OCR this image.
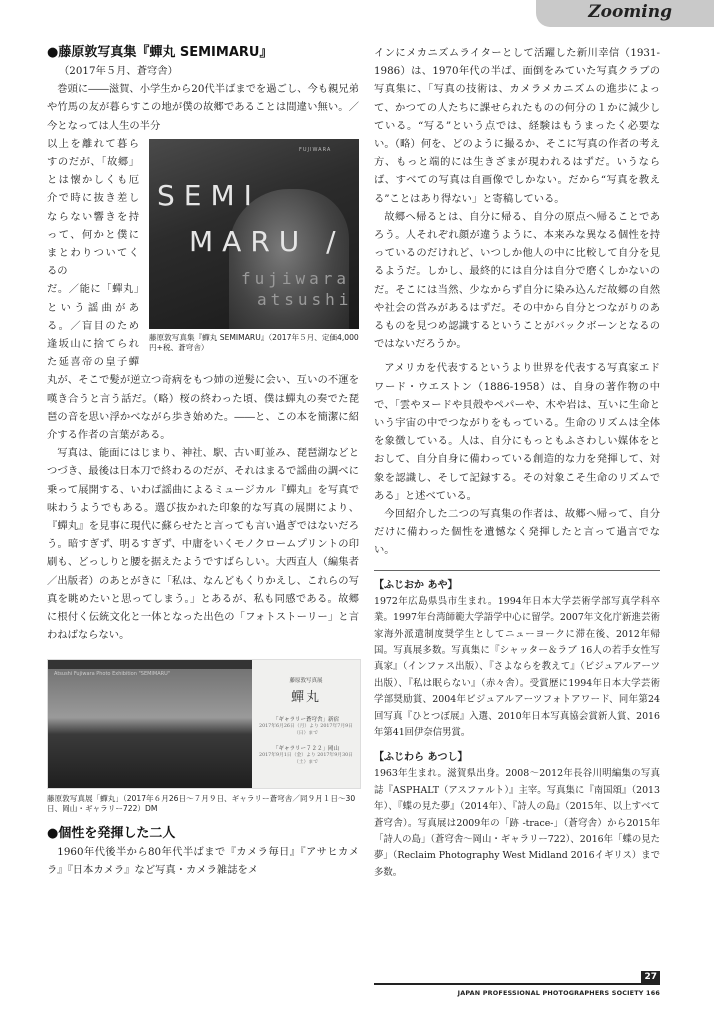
Zooming
●藤原敦写真集『蟬丸 SEMIMARU』

（2017年５月、蒼穹舎）

巻頭に――滋賀、小学生から20代半ばまでを過ごし、今も親兄弟や竹馬の友が暮らすこの地が僕の故郷であることは間違い無い。／今となっては人生の半分

FUJIWARA
SEMI
MARU /
fujiwara
atsushi
藤原敦写真集『蟬丸 SEMIMARU』（2017年５月、定価4,000円+税、蒼穹舎）

以上を離れて暮らすのだが、「故郷」とは懐かしくも厄介で時に抜き差しならない響きを持って、何かと僕にまとわりついてくるの

だ。／能に「蟬丸」という謡曲がある。／盲目のため逢坂山に捨てられた延喜帝の皇子蟬丸が、そこで髪が逆立つ奇病をもつ姉の逆髪に会い、互いの不運を嘆き合うと言う話だ。（略）桜の終わった頃、僕は蟬丸の奏でた琵琶の音を思い浮かべながら歩き始めた。――と、この本を簡潔に紹介する作者の言葉がある。

写真は、能面にはじまり、神社、駅、古い町並み、琵琶湖などとつづき、最後は日本刀で終わるのだが、それはまるで謡曲の調べに乗って展開する、いわば謡曲によるミュージカル『蟬丸』を写真で味わうようでもある。選び抜かれた印象的な写真の展開により、『蟬丸』を見事に現代に蘇らせたと言っても言い過ぎではないだろう。暗すぎず、明るすぎず、中庸をいくモノクロームプリントの印刷も、どっしりと腰を据えたようですばらしい。大西直人（編集者／出版者）のあとがきに「私は、なんどもくりかえし、これらの写真を眺めたいと思ってしまう。」とあるが、私も同感である。故郷に根付く伝統文化と一体となった出色の「フォトストーリー」と言わねばならない。

Atsushi Fujiwara Photo Exhibition "SEMIMARU"
藤原敦写真展
蟬丸
「ギャラリー蒼穹舎」新宿
2017年6月26日（月）より 2017年7月9日（日）まで
「ギャラリー７２２」岡山
2017年9月1日（金）より 2017年9月30日（土）まで
藤原敦写真展「蟬丸」（2017年６月26日〜７月９日、ギャラリー蒼穹舎／同９月１日〜30日、岡山・ギャラリー722）DM
●個性を発揮した二人

1960年代後半から80年代半ばまで『カメラ毎日』『アサヒカメラ』『日本カメラ』など写真・カメラ雑誌をメ

インにメカニズムライターとして活躍した新川幸信（1931-1986）は、1970年代の半ば、面倒をみていた写真クラブの写真集に、「写真の技術は、カメラメカニズムの進歩によって、かつての人たちに課せられたものの何分の１かに減少している。“写る”という点では、経験はもうまったく必要ない。（略）何を、どのように撮るか、そこに写真の作者の考え方、もっと端的には生きざまが現われるはずだ。いうならば、すべての写真は自画像でしかない。だから“写真を教える”ことはあり得ない」と寄稿している。

故郷へ帰るとは、自分に帰る、自分の原点へ帰ることであろう。人それぞれ顔が違うように、本来みな異なる個性を持っているのだけれど、いつしか他人の中に比較して自分を見るようだ。しかし、最終的には自分は自分で磨くしかないのだ。そこには当然、少なからず自分に染み込んだ故郷の自然や社会の営みがあるはずだ。その中から自分とつながりのあるものを見つめ認識するということがバックボーンとなるのではないだろうか。

アメリカを代表するというより世界を代表する写真家エドワード・ウエストン（1886-1958）は、自身の著作物の中で、「雲やヌードや貝殻やペパーや、木や岩は、互いに生命という宇宙の中でつながりをもっている。生命のリズムは全体を象徴している。人は、自分にもっともふさわしい媒体をとおして、自分自身に備わっている創造的な力を発揮して、対象を認識し、そして記録する。その対象こそ生命のリズムである」と述べている。

今回紹介した二つの写真集の作者は、故郷へ帰って、自分だけに備わった個性を遺憾なく発揮したと言って過言でない。

【ふじおか あや】

1972年広島県呉市生まれ。1994年日本大学芸術学部写真学科卒業。1997年台湾師範大学語学中心に留学。2007年文化庁新進芸術家海外派遣制度奨学生としてニューヨークに滞在後、2012年帰国。写真展多数。写真集に『シャッター＆ラブ 16人の若手女性写真家』（インファス出版）、『さよならを教えて』（ビジュアルアーツ出版）、『私は眠らない』（赤々舎）。受賞歴に1994年日本大学芸術学部奨励賞、2004年ビジュアルアーツフォトアワード、同年第24回写真『ひとつぼ展』入選、2010年日本写真協会賞新人賞、2016年第41回伊奈信男賞。

【ふじわら あつし】

1963年生まれ。滋賀県出身。2008〜2012年長谷川明編集の写真誌『ASPHALT（アスファルト）』主宰。写真集に『南国頌』（2013年）、『蝶の見た夢』（2014年）、『詩人の島』（2015年、以上すべて蒼穹舎）。写真展は2009年の「跡 -trace-」（蒼穹舎）から2015年「詩人の島」（蒼穹舎〜岡山・ギャラリー722）、2016年「蝶の見た夢」（Reclaim Photography West Midland 2016イギリス）まで多数。

27
JAPAN PROFESSIONAL PHOTOGRAPHERS SOCIETY 166
